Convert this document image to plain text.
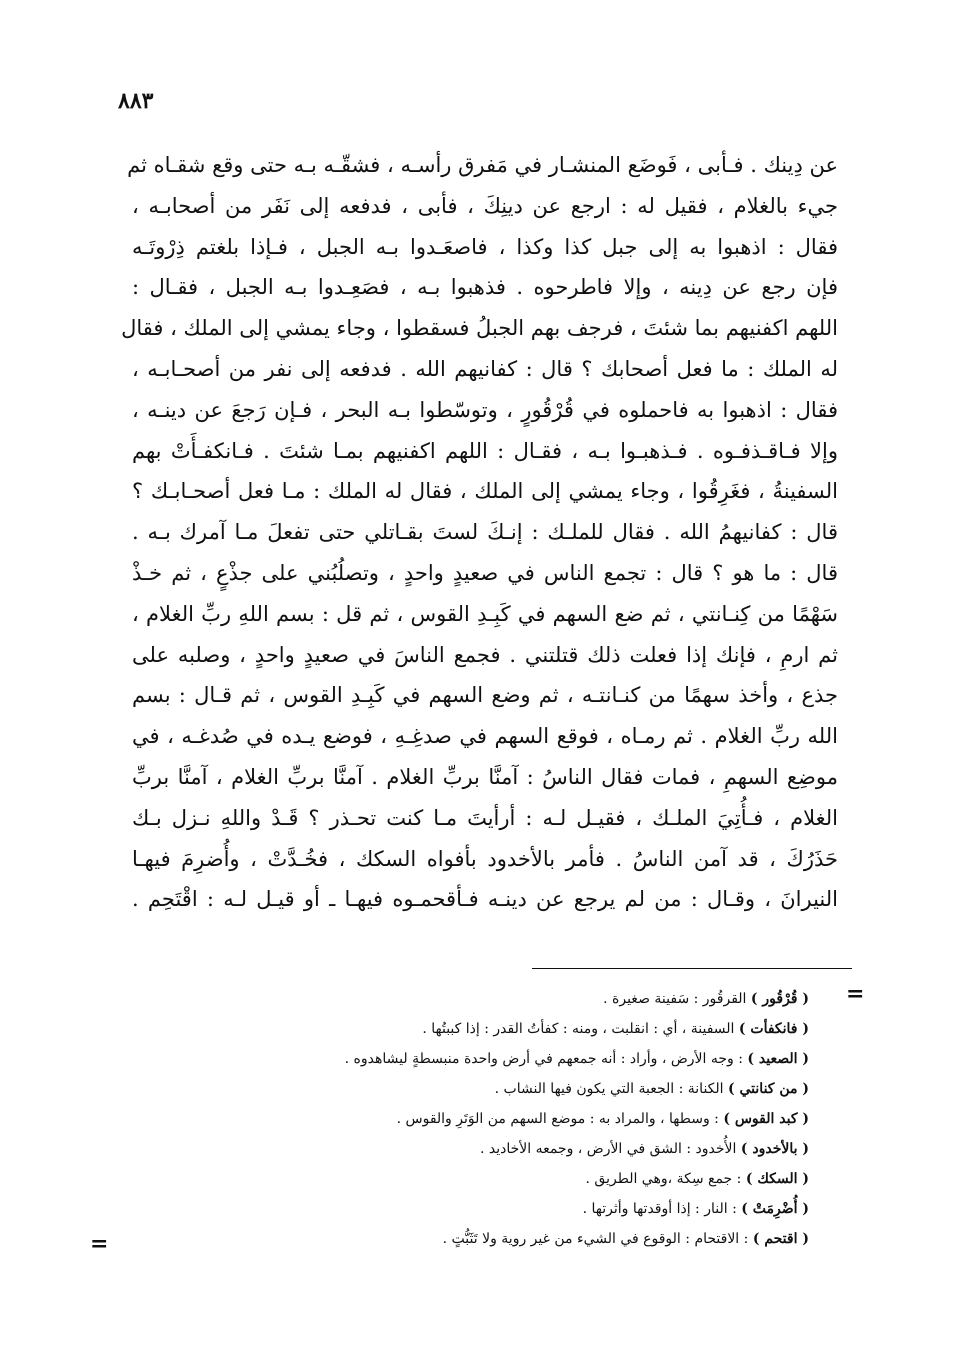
٨٨٣
عن دِينك . فـأبى ، فَوضَع المنشـار في مَفرق رأسـه ، فشقّـه بـه حتى وقع شقـاه ثم
جيء بالغلام ، فقيل له : ارجع عن دينِكَ ، فأبى ، فدفعه إلى نَفَر من أصحابـه ،
فقال : اذهبوا به إلى جبل كذا وكذا ، فاصعَـدوا بـه الجبل ، فـإذا بلغتم ذِرْوتَـه
فإن رجع عن دِينه ، وإلا فاطرحوه . فذهبوا بـه ، فصَعِـدوا بـه الجبل ، فقـال :
اللهم اكفنيهم بما شئتَ ، فرجف بهم الجبلُ فسقطوا ، وجاء يمشي إلى الملك ، فقال
له الملك : ما فعل أصحابك ؟ قال : كفانيهم الله . فدفعه إلى نفر من أصحـابـه ،
فقال : اذهبوا به فاحملوه في قُرْقُورٍ ، وتوسّطوا بـه البحر ، فـإن رَجعَ عن دينـه ،
وإلا فـاقـذفـوه . فـذهبـوا بـه ، فقـال : اللهم اكفنيهم بمـا شئتَ . فـانكفـأَتْ بهم
السفينةُ ، فغَرِقُوا ، وجاء يمشي إلى الملك ، فقال له الملك : مـا فعل أصحـابـك ؟
قال : كفانيهمُ الله . فقال للملـك : إنـكَ لستَ بقـاتلي حتى تفعلَ مـا آمرك بـه .
قال : ما هو ؟ قال : تجمع الناس في صعيدٍ واحدٍ ، وتصلُبُني على جذْعٍ ، ثم خـذْ
سَهْمًا من كِنـانتي ، ثم ضع السهم في كَبِـدِ القوس ، ثم قل : بسم اللهِ ربِّ الغلام ،
ثم ارمِ ، فإنك إذا فعلت ذلك قتلتني . فجمع الناسَ في صعيدٍ واحدٍ ، وصلبه على
جذع ، وأخذ سهمًا من كنـانتـه ، ثم وضع السهم في كَبِـدِ القوس ، ثم قـال : بسم
الله ربِّ الغلام . ثم رمـاه ، فوقع السهم في صدغِـهِ ، فوضع يـده في صُدغـه ، في
موضِع السهمِ ، فمات فقال الناسُ : آمنَّا بربِّ الغلام . آمنَّا بربِّ الغلام ، آمنَّا بربِّ
الغلام ، فـأُتِيَ الملـك ، فقيـل لـه : أرأيتَ مـا كنت تحـذر ؟ قَـدْ واللهِ نـزل بـك
حَذَرُكَ ، قد آمن الناسُ . فأمر بالأخدود بأفواه السكك ، فخُـدَّتْ ، وأُضرِمَ فيهـا
النيرانَ ، وقـال : من لم يرجع عن دينـه فـأقحمـوه فيهـا ـ أو قيـل لـه : اقْتَحِم .
=
=
( قُرْقُور ) القرقُور : سَفينة صغيرة .
( فانكفأت ) السفينة ، أي : انقلبت ، ومنه : كفأتُ القدر : إذا كببتُها .
( الصعيد ) : وجه الأرض ، وأراد : أنه جمعهم في أرض واحدة منبسطةٍ ليشاهدوه .
( من كنانتي ) الكنانة : الجعبة التي يكون فيها النشاب .
( كبد القوس ) : وسطها ، والمراد به : موضع السهم من الوَتَرِ والقوس .
( بالأخدود ) الأُخدود : الشق في الأرض ، وجمعه الأخاديد .
( السكك ) : جمع سِكة ،وهي الطريق .
( أُضْرِمَتْ ) : النار : إذا أوقدتها وأثرتها .
( اقتحم ) : الاقتحام : الوقوع في الشيء من غير روية ولا تَثَبُّتٍ .
